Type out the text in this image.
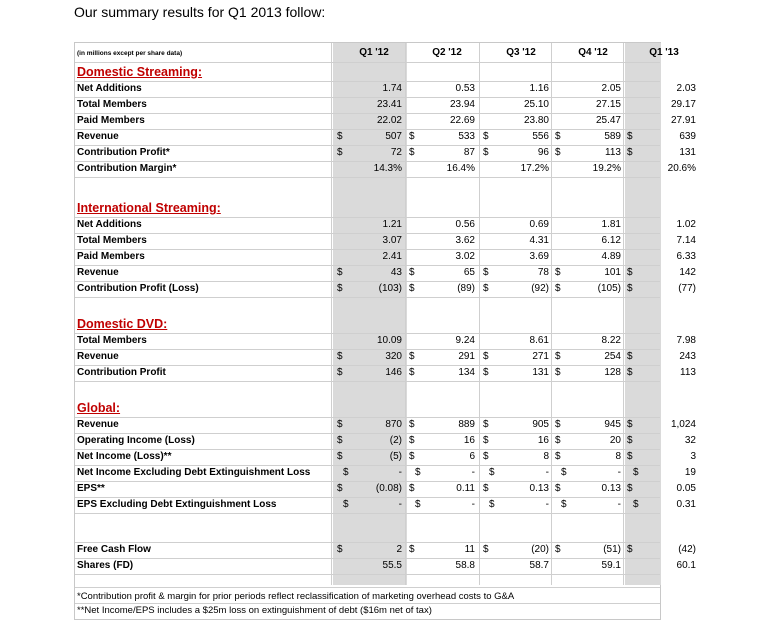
Our summary results for Q1 2013 follow:
(in millions except per share data)	Q1 '12	Q2 '12	Q3 '12	Q4 '12	Q1 '13
Domestic Streaming:
Net Additions	1.74	0.53	1.16	2.05	2.03
Total Members	23.41	23.94	25.10	27.15	29.17
Paid Members	22.02	22.69	23.80	25.47	27.91
Revenue	$	507 $	533 $	556 $	589 $	639
Contribution Profit*	$	72 $	87 $	96 $	113 $	131
Contribution Margin*	14.3%	16.4%	17.2%	19.2%	20.6%
International Streaming:
Net Additions	1.21	0.56	0.69	1.81	1.02
Total Members	3.07	3.62	4.31	6.12	7.14
Paid Members	2.41	3.02	3.69	4.89	6.33
Revenue	$	43 $	65 $	78 $	101 $	142
Contribution Profit (Loss)	$	(103) $	(89) $	(92) $	(105) $	(77)
Domestic DVD:
Total Members	10.09	9.24	8.61	8.22	7.98
Revenue	$	320 $	291 $	271 $	254 $	243
Contribution Profit	$	146 $	134 $	131 $	128 $	113
Global:
Revenue	$	870 $	889 $	905 $	945 $	1,024
Operating Income (Loss)	$	(2) $	16 $	16 $	20 $	32
Net Income (Loss)**	$	(5) $	6 $	8 $	8 $	3
Net Income Excluding Debt Extinguishment Loss	$	- $	- $	- $	- $	19
EPS**	$	(0.08) $	0.11 $	0.13 $	0.13 $	0.05
EPS Excluding Debt Extinguishment Loss	$	- $	- $	- $	- $	0.31
Free Cash Flow	$	2 $	11 $	(20) $	(51) $	(42)
Shares (FD)	55.5	58.8	58.7	59.1	60.1
*Contribution profit & margin for prior periods reflect reclassification of marketing overhead costs to G&A
**Net Income/EPS includes a $25m loss on extinguishment of debt ($16m net of tax)
